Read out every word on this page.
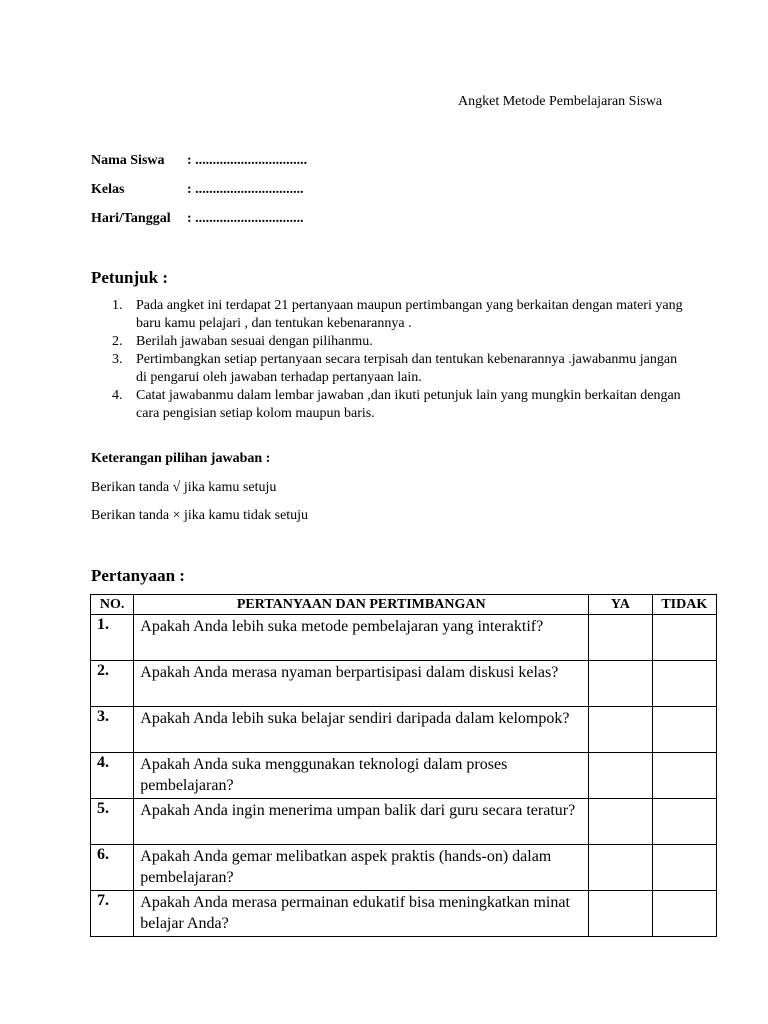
Angket Metode Pembelajaran Siswa
Nama Siswa	: ................................
Kelas	: ...............................
Hari/Tanggal	: ...............................
Petunjuk :
1. Pada angket ini terdapat 21 pertanyaan maupun pertimbangan yang berkaitan dengan materi yang baru kamu pelajari , dan tentukan kebenarannya .
2. Berilah jawaban sesuai dengan pilihanmu.
3. Pertimbangkan setiap pertanyaan secara terpisah dan tentukan kebenarannya .jawabanmu jangan di pengarui oleh jawaban terhadap pertanyaan lain.
4. Catat jawabanmu dalam lembar jawaban ,dan ikuti petunjuk lain yang mungkin berkaitan dengan cara pengisian setiap kolom maupun baris.
Keterangan pilihan jawaban :
Berikan tanda √ jika kamu setuju
Berikan tanda × jika kamu tidak setuju
Pertanyaan :
NO.	PERTANYAAN DAN PERTIMBANGAN	YA	TIDAK
1.	Apakah Anda lebih suka metode pembelajaran yang interaktif?		
2.	Apakah Anda merasa nyaman berpartisipasi dalam diskusi kelas?		
3.	Apakah Anda lebih suka belajar sendiri daripada dalam kelompok?		
4.	Apakah Anda suka menggunakan teknologi dalam proses pembelajaran?		
5.	Apakah Anda ingin menerima umpan balik dari guru secara teratur?		
6.	Apakah Anda gemar melibatkan aspek praktis (hands-on) dalam pembelajaran?		
7.	Apakah Anda merasa permainan edukatif bisa meningkatkan minat belajar Anda?		
